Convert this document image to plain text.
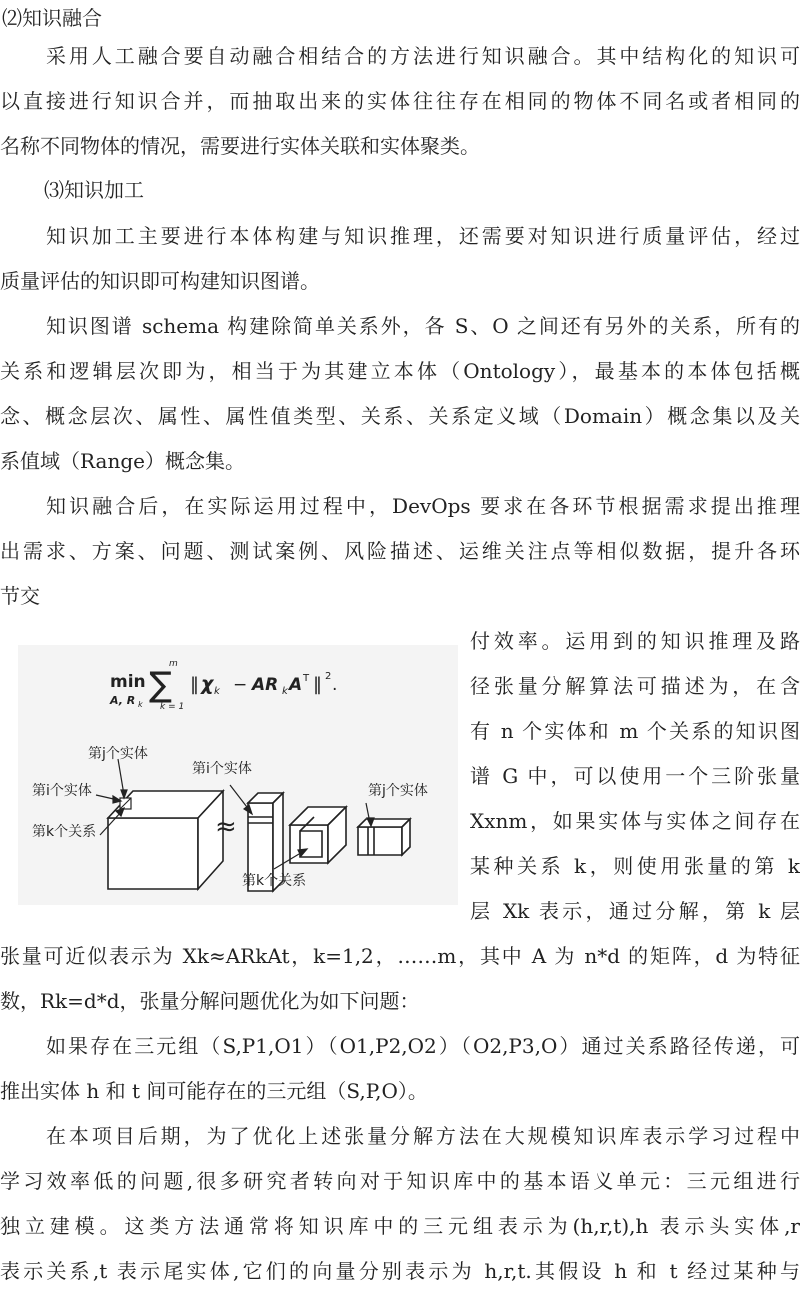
⑵知识融合
采用人工融合要自动融合相结合的方法进行知识融合。其中结构化的知识可
以直接进行知识合并，而抽取出来的实体往往存在相同的物体不同名或者相同的
名称不同物体的情况，需要进行实体关联和实体聚类。
⑶知识加工
知识加工主要进行本体构建与知识推理，还需要对知识进行质量评估，经过
质量评估的知识即可构建知识图谱。
知识图谱 schema 构建除简单关系外，各 S、O 之间还有另外的关系，所有的
关系和逻辑层次即为，相当于为其建立本体（Ontology），最基本的本体包括概
念、概念层次、属性、属性值类型、关系、关系定义域（Domain）概念集以及关
系值域（Range）概念集。
知识融合后，在实际运用过程中，DevOps 要求在各环节根据需求提出推理
出需求、方案、问题、测试案例、风险描述、运维关注点等相似数据，提升各环
节交
付效率。运用到的知识推理及路
径张量分解算法可描述为，在含
有 n 个实体和 m 个关系的知识图
谱 G 中，可以使用一个三阶张量
Xxnm，如果实体与实体之间存在
某种关系 k，则使用张量的第 k
层 Xk 表示，通过分解，第 k 层
张量可近似表示为 Xk≈ARkAt，k=1,2，……m，其中 A 为 n*d 的矩阵，d 为特征
数，Rk=d*d，张量分解问题优化为如下问题：
如果存在三元组（S,P1,O1）（O1,P2,O2）（O2,P3,O）通过关系路径传递，可
推出实体 h 和 t 间可能存在的三元组（S,P,O）。
在本项目后期，为了优化上述张量分解方法在大规模知识库表示学习过程中
学习效率低的问题,很多研究者转向对于知识库中的基本语义单元：三元组进行
独立建模。这类方法通常将知识库中的三元组表示为(h,r,t),h 表示头实体,r
表示关系,t 表示尾实体,它们的向量分别表示为 h,r,t.其假设 h 和 t 经过某种与
min
A, R k
m
∑
k = 1
‖ χ k − AR k A T ‖ 2 .
≈
第j个实体
第i个实体
第k个关系
第i个实体
第j个实体
第k个关系
